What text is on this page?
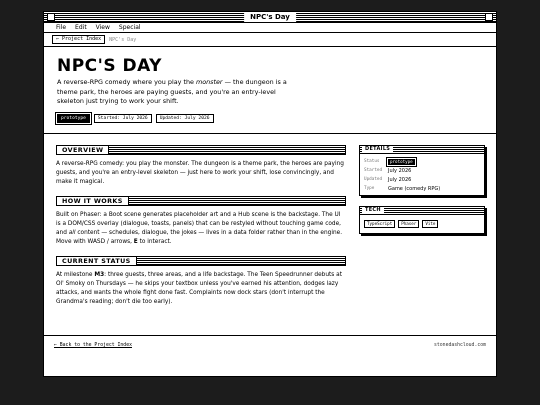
NPC's Day
File Edit View Special
← Project Index	NPC's Day
NPC'S DAY
A reverse-RPG comedy where you play the monster — the dungeon is a theme park, the heroes are paying guests, and you're an entry-level skeleton just trying to work your shift.
prototype	Started: July 2026	Updated: July 2026
OVERVIEW

A reverse-RPG comedy: you play the monster. The dungeon is a theme park, the heroes are paying guests, and you're an entry-level skeleton — just here to work your shift, lose convincingly, and make it magical.

HOW IT WORKS

Built on Phaser: a Boot scene generates placeholder art and a Hub scene is the backstage. The UI is a DOM/CSS overlay (dialogue, toasts, panels) that can be restyled without touching game code, and all content — schedules, dialogue, the jokes — lives in a data folder rather than in the engine. Move with WASD / arrows, E to interact.

CURRENT STATUS

At milestone M3: three guests, three areas, and a life backstage. The Teen Speedrunner debuts at Ol' Smoky on Thursdays — he skips your textbox unless you've earned his attention, dodges lazy attacks, and wants the whole fight done fast. Complaints now dock stars (don't interrupt the Grandma's reading; don't die too early).

DETAILS
Status	prototype
Started	July 2026
Updated	July 2026
Type	Game (comedy RPG)
TECH
TypeScript	Phaser	Vite
← Back to the Project Index	stonedashcloud.com
